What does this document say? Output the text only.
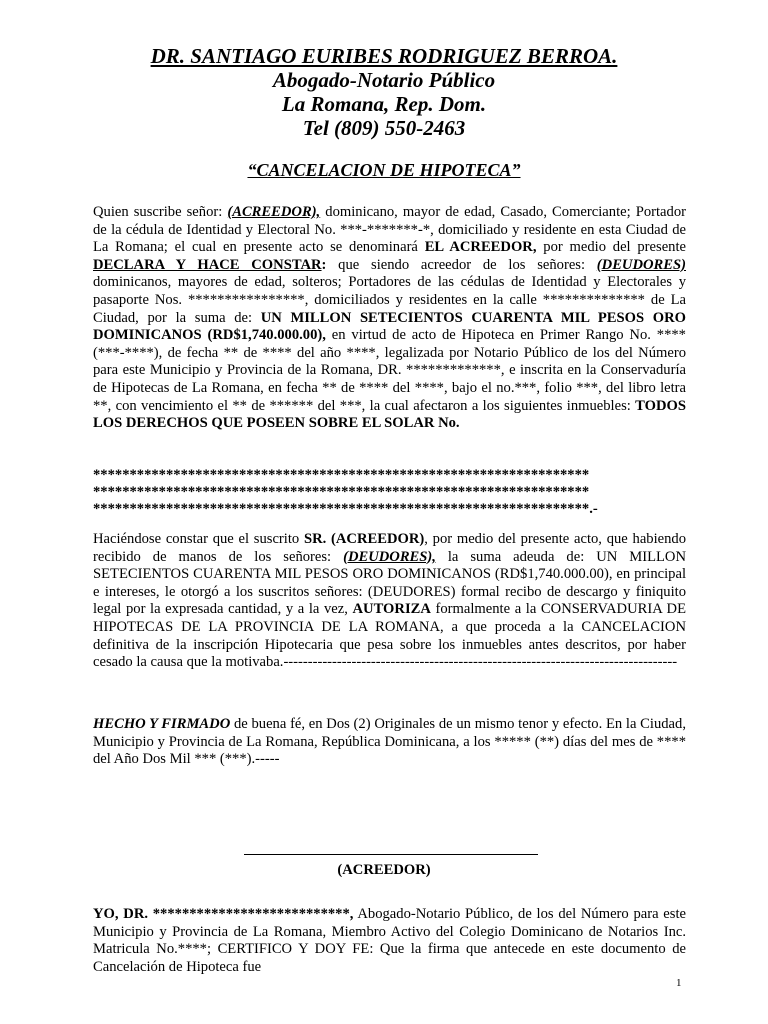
DR. SANTIAGO EURIBES RODRIGUEZ BERROA.
Abogado-Notario Público
La Romana, Rep. Dom.
Tel (809) 550-2463
“CANCELACION DE HIPOTECA”

Quien suscribe señor: (ACREEDOR), dominicano, mayor de edad, Casado, Comerciante; Portador de la cédula de Identidad y Electoral No. ***-*******-*, domiciliado y residente en esta Ciudad de La Romana; el cual en presente acto se denominará EL ACREEDOR, por medio del presente DECLARA Y HACE CONSTAR: que siendo acreedor de los señores: (DEUDORES) dominicanos, mayores de edad, solteros; Portadores de las cédulas de Identidad y Electorales y pasaporte Nos. ****************, domiciliados y residentes en la calle ************** de La Ciudad, por la suma de: UN MILLON SETECIENTOS CUARENTA MIL PESOS ORO DOMINICANOS (RD$1,740.000.00), en virtud de acto de Hipoteca en Primer Rango No. **** (***-****), de fecha ** de **** del año ****, legalizada por Notario Público de los del Número para este Municipio y Provincia de la Romana, DR. *************, e inscrita en la Conservaduría de Hipotecas de La Romana, en fecha ** de **** del ****, bajo el no.***, folio ***, del libro letra **, con vencimiento el ** de ****** del ***, la cual afectaron a los siguientes inmuebles: TODOS LOS DERECHOS QUE POSEEN SOBRE EL SOLAR No.

********************************************************************
********************************************************************
********************************************************************.-

Haciéndose constar que el suscrito SR. (ACREEDOR), por medio del presente acto, que habiendo recibido de manos de los señores: (DEUDORES), la suma adeuda de: UN MILLON SETECIENTOS CUARENTA MIL PESOS ORO DOMINICANOS (RD$1,740.000.00), en principal e intereses, le otorgó a los suscritos señores: (DEUDORES) formal recibo de descargo y finiquito legal por la expresada cantidad, y a la vez, AUTORIZA formalmente a la CONSERVADURIA DE HIPOTECAS DE LA PROVINCIA DE LA ROMANA, a que proceda a la CANCELACION definitiva de la inscripción Hipotecaria que pesa sobre los inmuebles antes descritos, por haber cesado la causa que la motivaba.---------------------------------------------------------------------------------

HECHO Y FIRMADO de buena fé, en Dos (2) Originales de un mismo tenor y efecto. En la Ciudad, Municipio y Provincia de La Romana, República Dominicana, a los ***** (**) días del mes de **** del Año Dos Mil *** (***).-----

(ACREEDOR)

YO, DR. ***************************, Abogado-Notario Público, de los del Número para este Municipio y Provincia de La Romana, Miembro Activo del Colegio Dominicano de Notarios Inc. Matricula No.****; CERTIFICO Y DOY FE: Que la firma que antecede en este documento de Cancelación de Hipoteca fue

1
